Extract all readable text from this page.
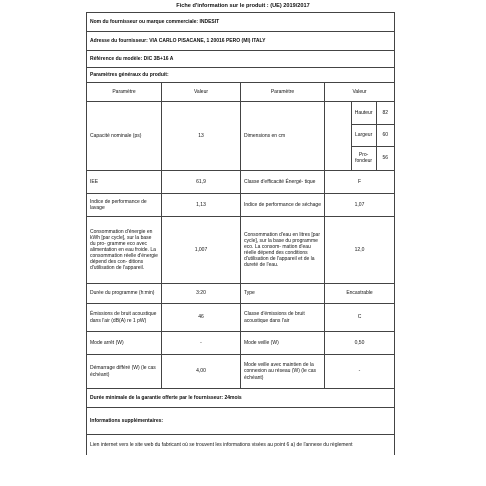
Fiche d'information sur le produit : (UE) 2019/2017
Nom du fournisseur ou marque commerciale: INDESIT
Adresse du fournisseur: VIA CARLO PISACANE, 1 20016 PERO (MI) ITALY
Référence du modèle: DIC 3B+16 A
Paramètres généraux du produit:
Paramètre	Valeur	Paramètre	Valeur
Capacité nominale (ps)	13	Dimensions en cm	
	Hauteur	82
	Largeur	60
	Pro- fondeur	56

IEE	61,9	Classe d'efficacité Énergé- tique	F
Indice de performance de lavage	1,13	Indice de performance de séchage	1,07
Consommation d'énergie en kWh [par cycle], sur la base du pro- gramme eco avec alimentation en eau froide. La consommation réelle d'énergie dépend des con- ditions d'utilisation de l'appareil.	1,007	Consommation d'eau en litres [par cycle], sur la base du programme eco. La consom- mation d'eau réelle dépend des conditions d'utilisation de l'appareil et de la dureté de l'eau.	12,0
Durée du programme (h:min)	3:20	Type	Encastrable
Émissions de bruit acoustique dans l'air (dB(A) re 1 pW)	46	Classe d'émissions de bruit acoustique dans l'air	C
Mode arrêt (W)	-	Mode veille (W)	0,50
Démarrage différé (W) (le cas échéant)	4,00	Mode veille avec maintien de la connexion au réseau (W) (le cas échéant)	-
Durée minimale de la garantie offerte par le fournisseur: 24mois
Informations supplémentaires:
Lien internet vers le site web du fabricant où se trouvent les informations visées au point 6 a) de l'annexe du règlement
